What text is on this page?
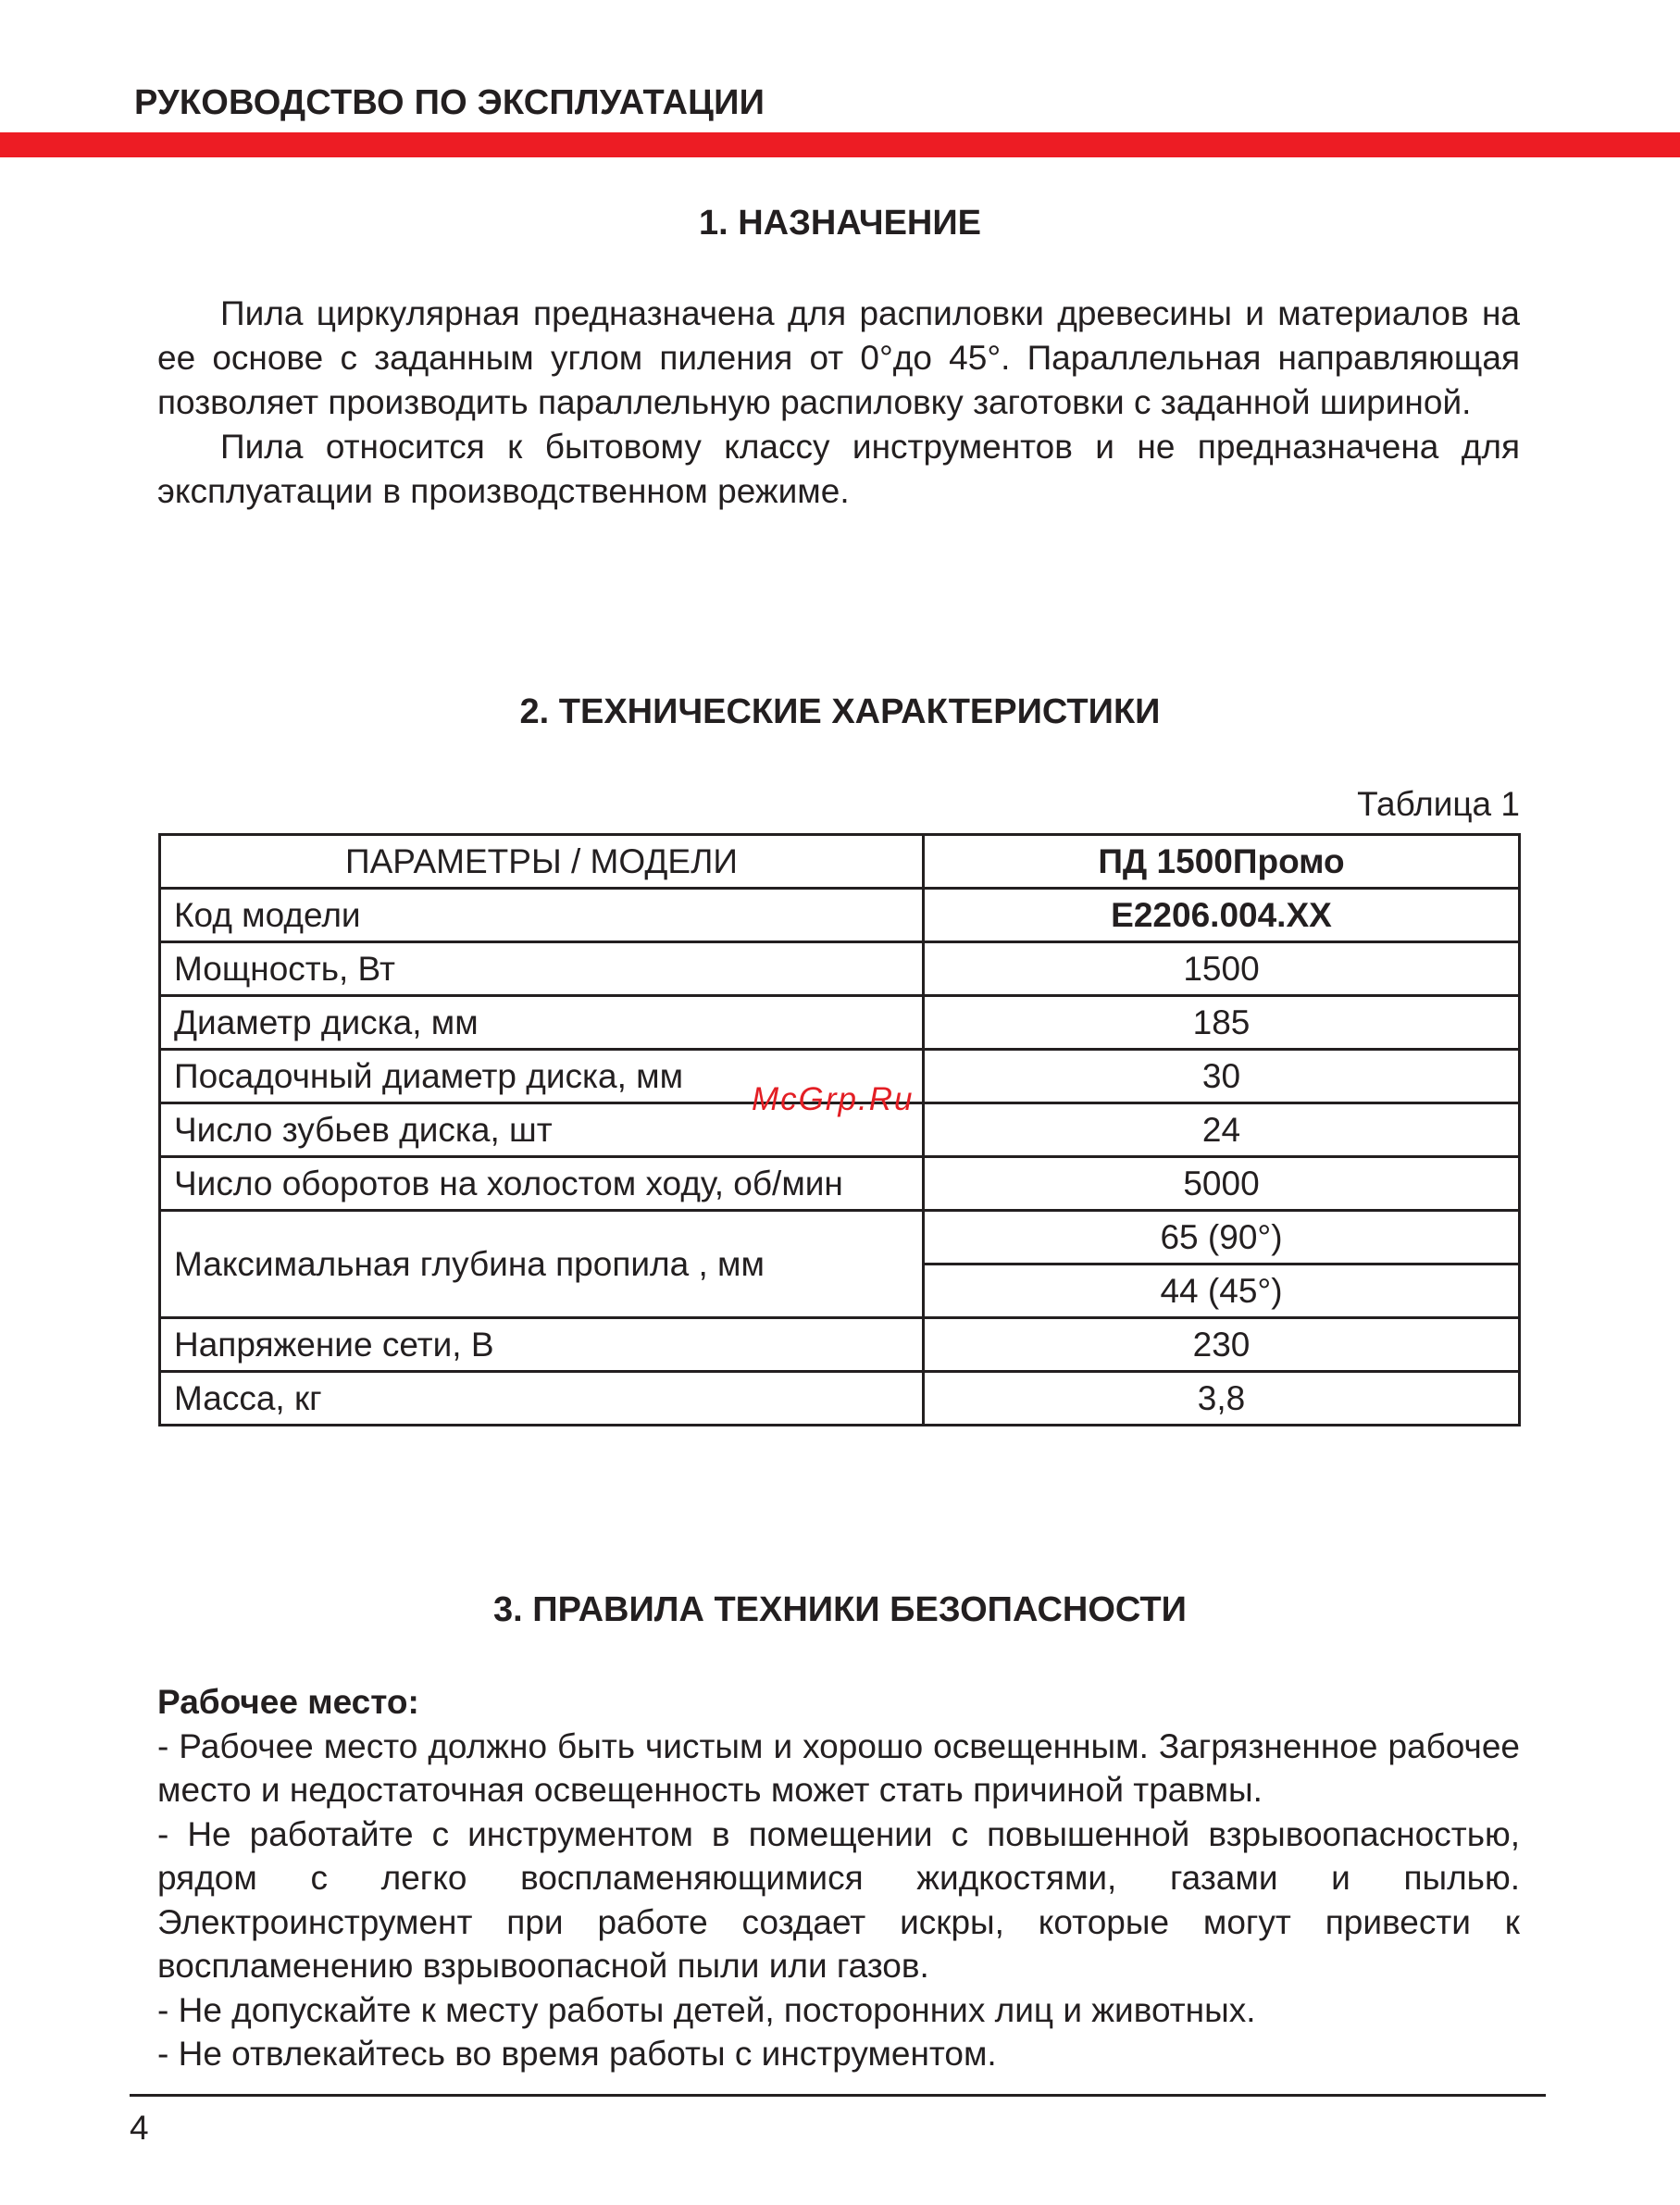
РУКОВОДСТВО ПО ЭКСПЛУАТАЦИИ
1. НАЗНАЧЕНИЕ

Пила циркулярная предназначена для распиловки древесины и материалов на ее основе с заданным углом пиления от 0°до 45°. Параллельная направляющая позволяет производить параллельную распиловку заготовки с заданной шириной.

Пила относится к бытовому классу инструментов и не предназначена для эксплуатации в производственном режиме.

2. ТЕХНИЧЕСКИЕ ХАРАКТЕРИСТИКИ
Таблица 1
ПАРАМЕТРЫ / МОДЕЛИ	ПД 1500Промо
Код модели	E2206.004.XX
Мощность, Вт	1500
Диаметр диска, мм	185
Посадочный диаметр диска, мм	30
Число зубьев диска, шт	24
Число оборотов на холостом ходу, об/мин	5000
Максимальная глубина пропила , мм	65 (90°)
	44 (45°)
Напряжение сети, В	230
Масса, кг	3,8
McGrp.Ru
3. ПРАВИЛА ТЕХНИКИ БЕЗОПАСНОСТИ
Рабочее место:

- Рабочее место должно быть чистым и хорошо освещенным. Загрязненное рабочее место и недостаточная освещенность может стать причиной травмы.

- Не работайте с инструментом в помещении с повышенной взрывоопасностью, рядом с легко воспламеняющимися жидкостями, газами и пылью. Электроинструмент при работе создает искры, которые могут привести к воспламенению взрывоопасной пыли или газов.

- Не допускайте к месту работы детей, посторонних лиц и животных.

- Не отвлекайтесь во время работы с инструментом.

4
